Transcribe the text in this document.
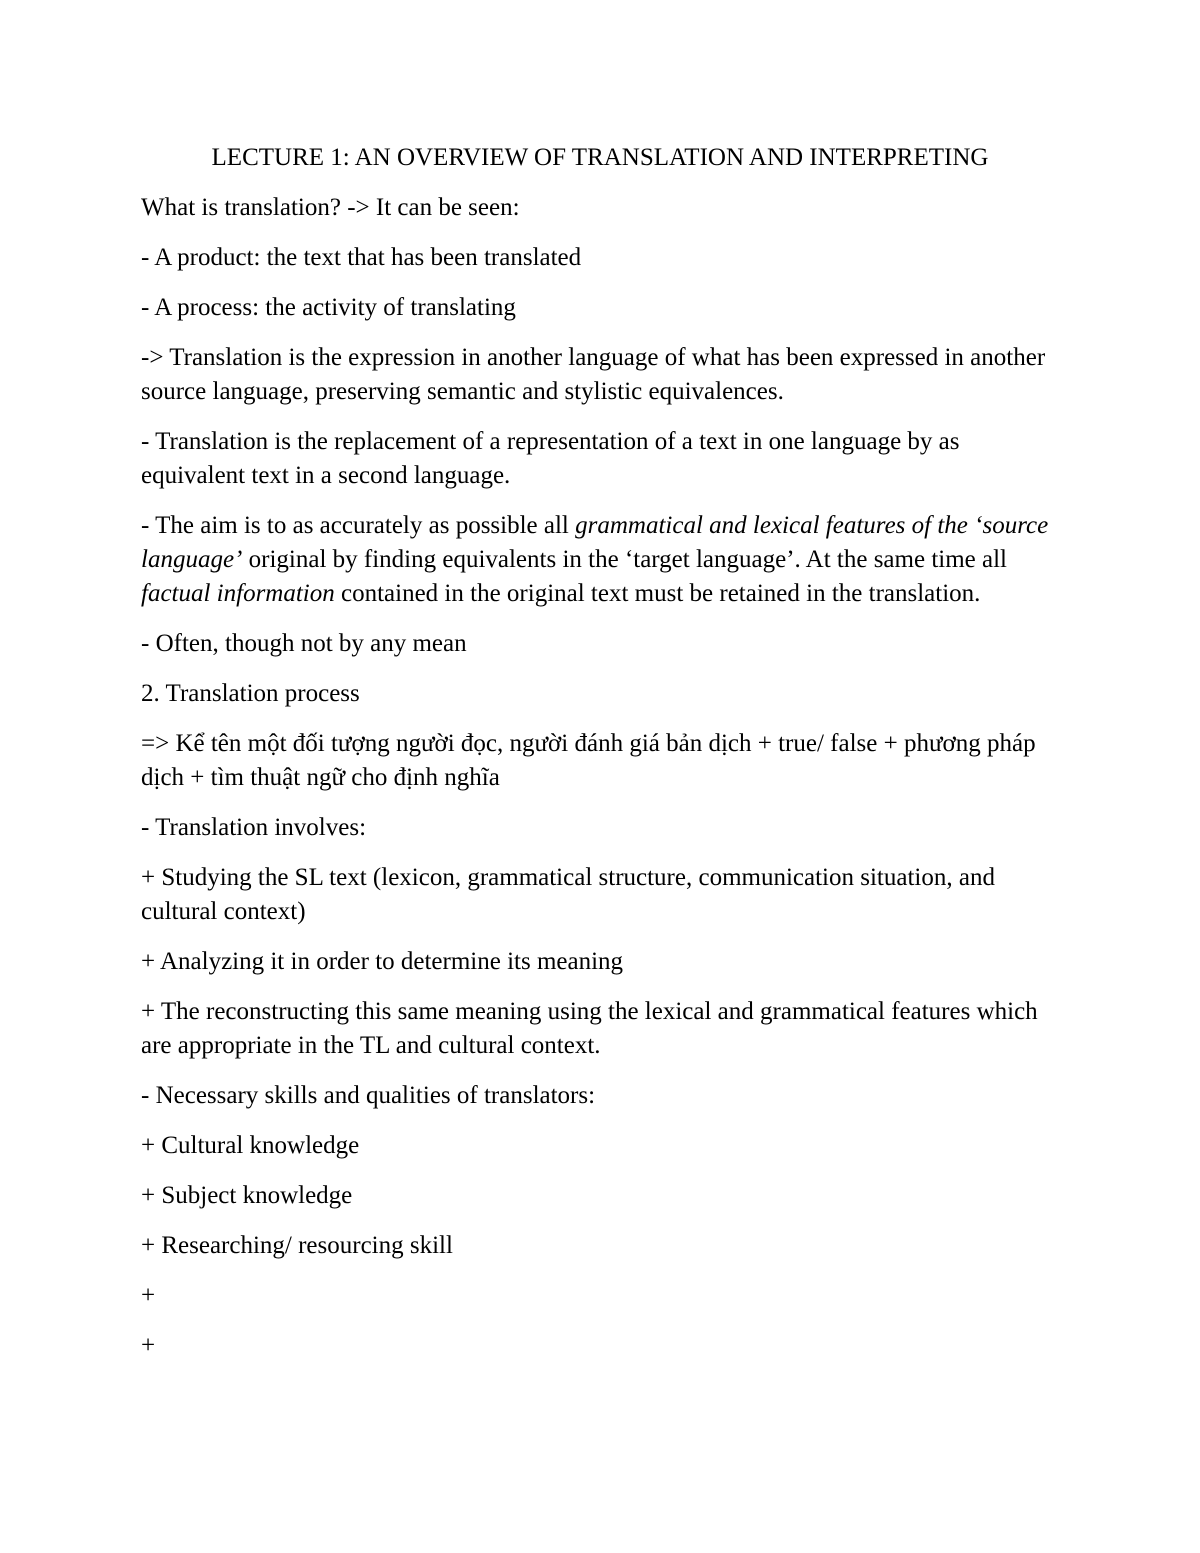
LECTURE 1: AN OVERVIEW OF TRANSLATION AND INTERPRETING
What is translation? -> It can be seen:
- A product: the text that has been translated
- A process: the activity of translating
-> Translation is the expression in another language of what has been expressed in another source language, preserving semantic and stylistic equivalences.
- Translation is the replacement of a representation of a text in one language by as equivalent text in a second language.
- The aim is to as accurately as possible all grammatical and lexical features of the ‘source language’ original by finding equivalents in the ‘target language’. At the same time all factual information contained in the original text must be retained in the translation.
- Often, though not by any mean
2. Translation process
=> Kể tên một đối tượng người đọc, người đánh giá bản dịch + true/ false + phương pháp dịch + tìm thuật ngữ cho định nghĩa
- Translation involves:
+ Studying the SL text (lexicon, grammatical structure, communication situation, and cultural context)
+ Analyzing it in order to determine its meaning
+ The reconstructing this same meaning using the lexical and grammatical features which are appropriate in the TL and cultural context.
- Necessary skills and qualities of translators:
+ Cultural knowledge
+ Subject knowledge
+ Researching/ resourcing skill
+
+
